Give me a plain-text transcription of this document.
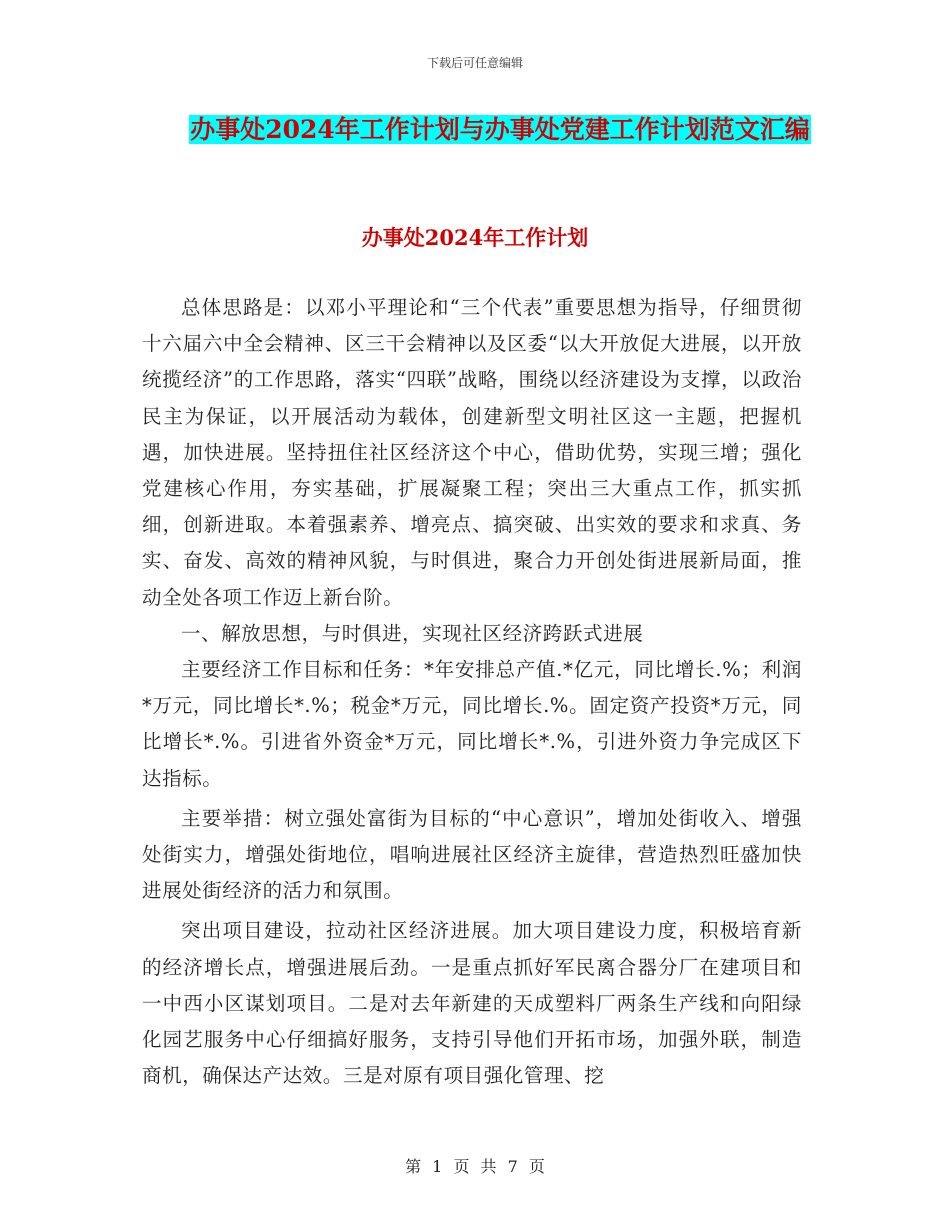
下载后可任意编辑
办事处2024年工作计划与办事处党建工作计划范文汇编
办事处2024年工作计划

总体思路是：以邓小平理论和“三个代表”重要思想为指导，仔细贯彻十六届六中全会精神、区三干会精神以及区委“以大开放促大进展，以开放统揽经济”的工作思路，落实“四联”战略，围绕以经济建设为支撑，以政治民主为保证，以开展活动为载体，创建新型文明社区这一主题，把握机遇，加快进展。坚持扭住社区经济这个中心，借助优势，实现三增；强化党建核心作用，夯实基础，扩展凝聚工程；突出三大重点工作，抓实抓细，创新进取。本着强素养、增亮点、搞突破、出实效的要求和求真、务实、奋发、高效的精神风貌，与时俱进，聚合力开创处街进展新局面，推动全处各项工作迈上新台阶。

一、解放思想，与时俱进，实现社区经济跨跃式进展

主要经济工作目标和任务：*年安排总产值.*亿元，同比增长.%；利润*万元，同比增长*.%；税金*万元，同比增长.%。固定资产投资*万元，同比增长*.%。引进省外资金*万元，同比增长*.%，引进外资力争完成区下达指标。

主要举措：树立强处富街为目标的“中心意识”，增加处街收入、增强处街实力，增强处街地位，唱响进展社区经济主旋律，营造热烈旺盛加快进展处街经济的活力和氛围。

突出项目建设，拉动社区经济进展。加大项目建设力度，积极培育新的经济增长点，增强进展后劲。一是重点抓好军民离合器分厂在建项目和一中西小区谋划项目。二是对去年新建的天成塑料厂两条生产线和向阳绿化园艺服务中心仔细搞好服务，支持引导他们开拓市场，加强外联，制造商机，确保达产达效。三是对原有项目强化管理、挖

第 1 页 共 7 页
